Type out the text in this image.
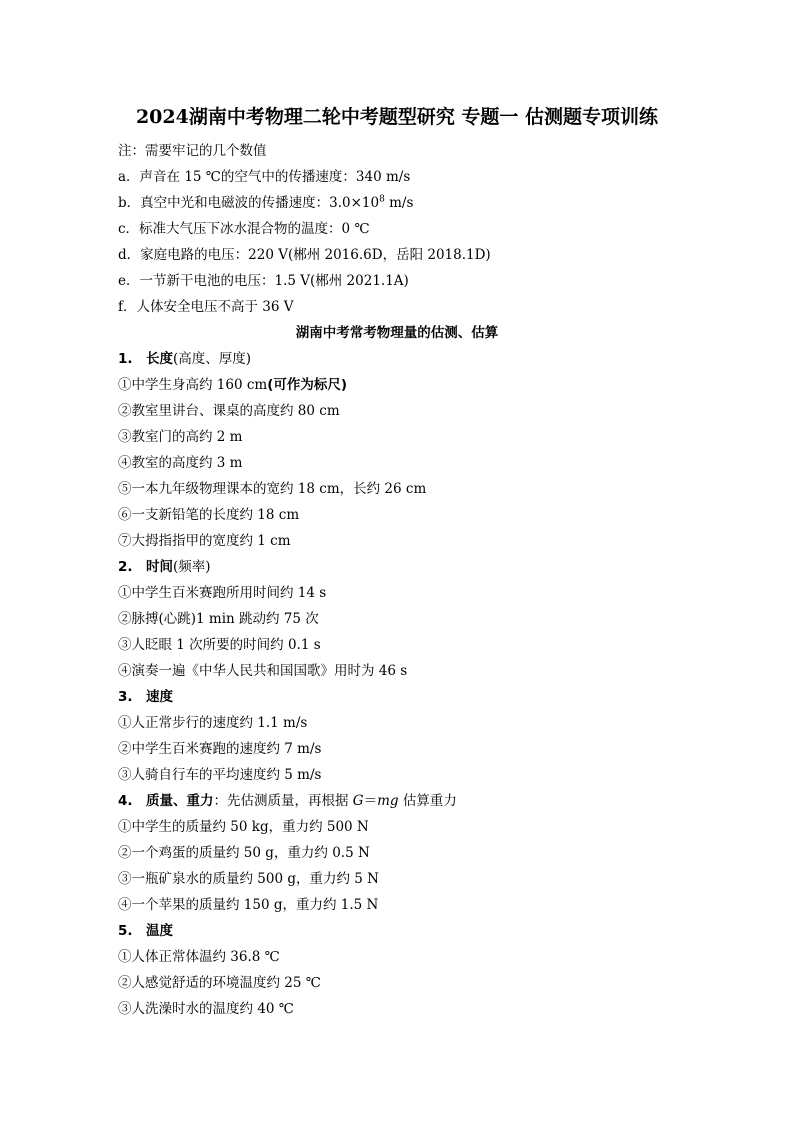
2024湖南中考物理二轮中考题型研究 专题一 估测题专项训练
注：需要牢记的几个数值
a．声音在 15 ℃的空气中的传播速度：340 m/s
b．真空中光和电磁波的传播速度：$3.0\times 10^8$ m/s
c．标准大气压下冰水混合物的温度：0 ℃
d．家庭电路的电压：220 V(郴州 2016.6D，岳阳 2018.1D)
e．一节新干电池的电压：1.5 V(郴州 2021.1A)
f．人体安全电压不高于 36 V
湖南中考常考物理量的估测、估算
1. 长度(高度、厚度)
①中学生身高约 160 cm(可作为标尺)
②教室里讲台、课桌的高度约 80 cm
③教室门的高约 2 m
④教室的高度约 3 m
⑤一本九年级物理课本的宽约 18 cm，长约 26 cm
⑥一支新铅笔的长度约 18 cm
⑦大拇指指甲的宽度约 1 cm
2. 时间(频率)
①中学生百米赛跑所用时间约 14 s
②脉搏(心跳)1 min 跳动约 75 次
③人眨眼 1 次所要的时间约 0.1 s
④演奏一遍《中华人民共和国国歌》用时为 46 s
3. 速度
①人正常步行的速度约 1.1 m/s
②中学生百米赛跑的速度约 7 m/s
③人骑自行车的平均速度约 5 m/s
4. 质量、重力：先估测质量，再根据 G＝mg 估算重力
①中学生的质量约 50 kg，重力约 500 N
②一个鸡蛋的质量约 50 g，重力约 0.5 N
③一瓶矿泉水的质量约 500 g，重力约 5 N
④一个苹果的质量约 150 g，重力约 1.5 N
5. 温度
①人体正常体温约 36.8 ℃
②人感觉舒适的环境温度约 25 ℃
③人洗澡时水的温度约 40 ℃
